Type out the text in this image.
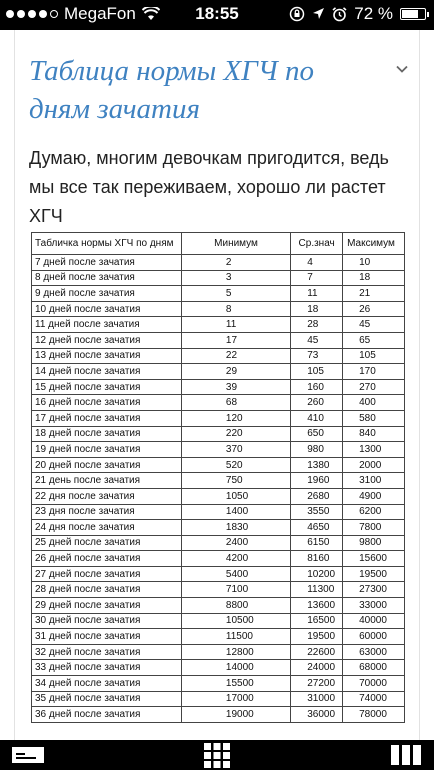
MegaFon	18:55	72 %
Таблица нормы ХГЧ по дням зачатия
Думаю, многим девочкам пригодится, ведь мы все так переживаем, хорошо ли растет ХГЧ
Табличка нормы ХГЧ по дням	Минимум	Ср.знач	Максимум
7 дней после зачатия	2	4	10
8 дней после зачатия	3	7	18
9 дней после зачатия	5	11	21
10 дней после зачатия	8	18	26
11 дней после зачатия	11	28	45
12 дней после зачатия	17	45	65
13 дней после зачатия	22	73	105
14 дней после зачатия	29	105	170
15 дней после зачатия	39	160	270
16 дней после зачатия	68	260	400
17 дней после зачатия	120	410	580
18 дней после зачатия	220	650	840
19 дней после зачатия	370	980	1300
20 дней после зачатия	520	1380	2000
21 день после зачатия	750	1960	3100
22 дня после зачатия	1050	2680	4900
23 дня после зачатия	1400	3550	6200
24 дня после зачатия	1830	4650	7800
25 дней после зачатия	2400	6150	9800
26 дней после зачатия	4200	8160	15600
27 дней после зачатия	5400	10200	19500
28 дней после зачатия	7100	11300	27300
29 дней после зачатия	8800	13600	33000
30 дней после зачатия	10500	16500	40000
31 дней после зачатия	11500	19500	60000
32 дней после зачатия	12800	22600	63000
33 дней после зачатия	14000	24000	68000
34 дней после зачатия	15500	27200	70000
35 дней после зачатия	17000	31000	74000
36 дней после зачатия	19000	36000	78000
